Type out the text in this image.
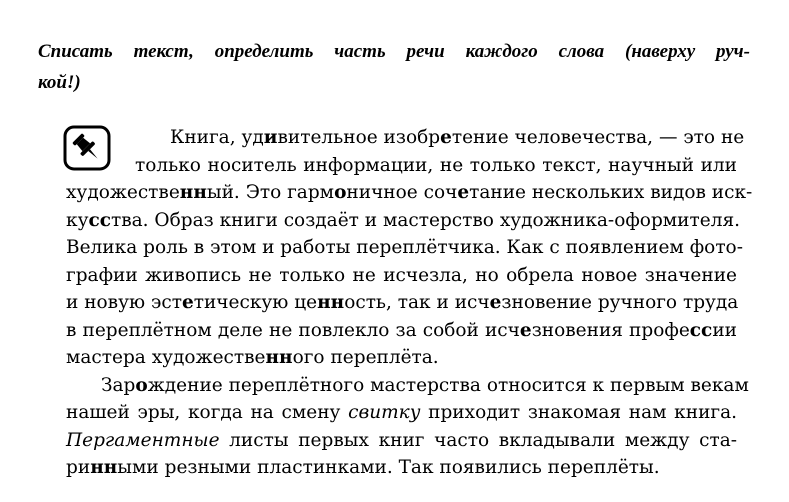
Списать текст, определить часть речи каждого слова (наверху руч-
кой!)
Книга, удивительное изобретение человечества, — это не
только носитель информации, не только текст, научный или
художественный. Это гармоничное сочетание нескольких видов иск-
кусства. Образ книги создаёт и мастерство художника-оформителя.
Велика роль в этом и работы переплётчика. Как с появлением фото-
графии живопись не только не исчезла, но обрела новое значение
и новую эстетическую ценность, так и исчезновение ручного труда
в переплётном деле не повлекло за собой исчезновения профессии
мастера художественного переплёта.
Зарождение переплётного мастерства относится к первым векам
нашей эры, когда на смену свитку приходит знакомая нам книга.
Пергаментные листы первых книг часто вкладывали между ста-
ринными резными пластинками. Так появились переплёты.
